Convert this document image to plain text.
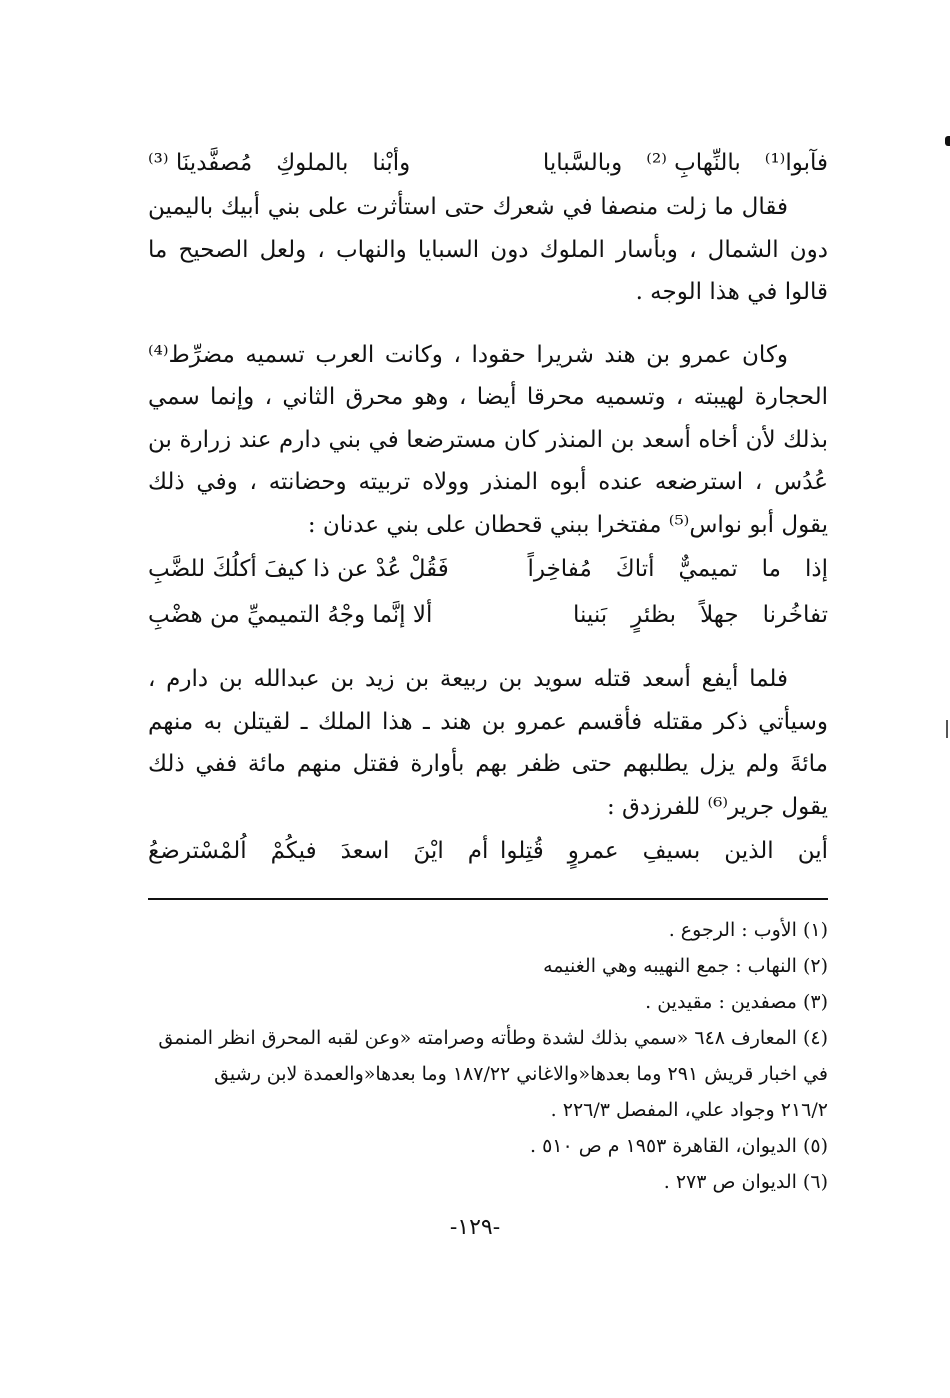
فآبوا⁽¹⁾
بالنِّهابِ ⁽²⁾
وبالسَّبايا
وأبْنا
بالملوكِ
مُصفَّدينَا ⁽³⁾

فقال ما زلت منصفا في شعرك حتى استأثرت على بني أبيك باليمين دون الشمال ، وبأسار الملوك دون السبايا والنهاب ، ولعل الصحيح ما قالوا في هذا الوجه .

وكان عمرو بن هند شريرا حقودا ، وكانت العرب تسميه مضرِّط⁽⁴⁾ الحجارة لهيبته ، وتسميه محرقا أيضا ، وهو محرق الثاني ، وإنما سمي بذلك لأن أخاه أسعد بن المنذر كان مسترضعا في بني دارم عند زرارة بن عُدُس ، استرضعه عنده أبوه المنذر وولاه تربيته وحضانته ، وفي ذلك يقول أبو نواس⁽⁵⁾ مفتخرا ببني قحطان على بني عدنان :

إذا
ما
تميميٌّ
أتاكَ
مُفاخِراً
فَقُلْ عُدْ عن ذا كيفَ أكلُكَ للضَّبِ
تفاخُرنا
جهلاً
بظئرٍ
بَنينا
ألا إنَّما وجْهُ التميميِّ من هضْبِ

فلما أيفع أسعد قتله سويد بن ربيعة بن زيد بن عبدالله بن دارم ، وسيأتي ذكر مقتله فأقسم عمرو بن هند ـ هذا الملك ـ لقيتلن به منهم مائةَ ولم يزل يطلبهم حتى ظفر بهم بأوارة فقتل منهم مائة ففي ذلك يقول جرير⁽⁶⁾ للفرزدق :

أين
الذين
بسيفِ
عمروٍ
قُتِلوا
أم
ايْنَ
اسعدَ
فيكُمْ
اُلمْسْترضعُ

(١) الأوب : الرجوع .

(٢) النهاب : جمع النهيبه وهي الغنيمه

(٣) مصفدين : مقيدين .

(٤) المعارف ٦٤٨ «سمي بذلك لشدة وطأته وصرامته «وعن لقبه المحرق انظر المنمق

في اخبار قريش ٢٩١ وما بعدها«والاغاني ١٨٧/٢٢ وما بعدها«والعمدة لابن رشيق

٢١٦/٢ وجواد علي، المفصل ٢٢٦/٣ .

(٥) الديوان، القاهرة ١٩٥٣ م ص ٥١٠ .

(٦) الديوان ص ٢٧٣ .

-١٢٩-
